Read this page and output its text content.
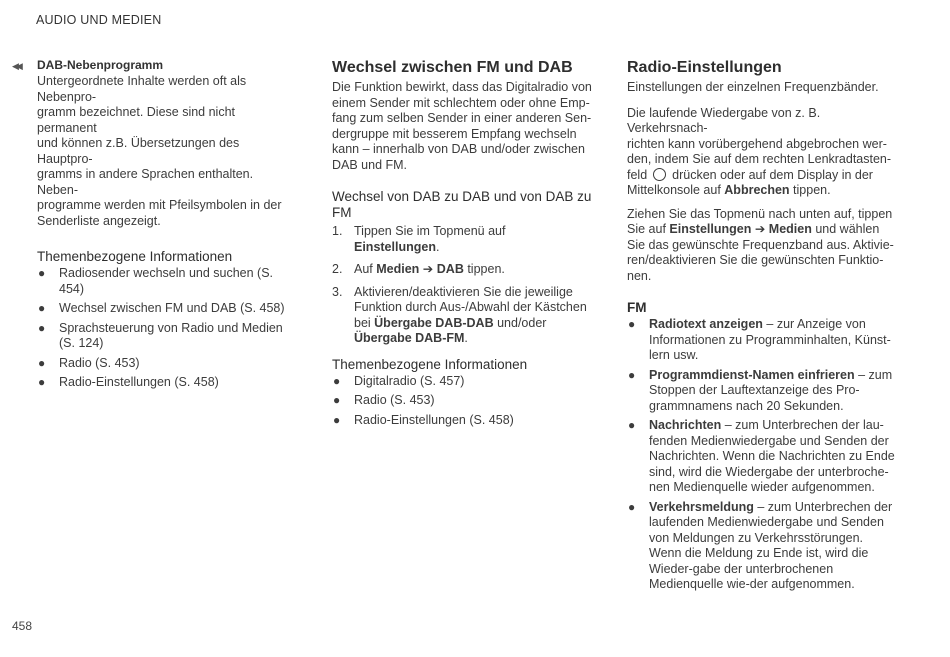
AUDIO UND MEDIEN
◀◀ DAB-Nebenprogramm

Untergeordnete Inhalte werden oft als Nebenpro-
gramm bezeichnet. Diese sind nicht permanent
und können z.B. Übersetzungen des Hauptpro-
gramms in andere Sprachen enthalten. Neben-
programme werden mit Pfeilsymbolen in der
Senderliste angezeigt.

Themenbezogene Informationen
● Radiosender wechseln und suchen (S. 454)
● Wechsel zwischen FM und DAB (S. 458)
● Sprachsteuerung von Radio und Medien (S. 124)
● Radio (S. 453)
● Radio-Einstellungen (S. 458)
Wechsel zwischen FM und DAB

Die Funktion bewirkt, dass das Digitalradio von
einem Sender mit schlechtem oder ohne Emp-
fang zum selben Sender in einer anderen Sen-
dergruppe mit besserem Empfang wechseln
kann – innerhalb von DAB und/oder zwischen
DAB und FM.

Wechsel von DAB zu DAB und von DAB zu FM
1. Tippen Sie im Topmenü auf Einstellungen.
2. Auf Medien ➔ DAB tippen.
3. Aktivieren/deaktivieren Sie die jeweilige Funktion durch Aus-/Abwahl der Kästchen bei Übergabe DAB-DAB und/oder Übergabe DAB-FM.
Themenbezogene Informationen
● Digitalradio (S. 457)
● Radio (S. 453)
● Radio-Einstellungen (S. 458)
Radio-Einstellungen

Einstellungen der einzelnen Frequenzbänder.

Die laufende Wiedergabe von z. B. Verkehrsnach-
richten kann vorübergehend abgebrochen wer-
den, indem Sie auf dem rechten Lenkradtasten-
feld drücken oder auf dem Display in der
Mittelkonsole auf Abbrechen tippen.

Ziehen Sie das Topmenü nach unten auf, tippen
Sie auf Einstellungen ➔ Medien und wählen Sie das gewünschte Frequenzband aus. Aktivie-ren/deaktivieren Sie die gewünschten Funktio-nen.

FM
● Radiotext anzeigen – zur Anzeige von Informationen zu Programminhalten, Künst-lern usw.
● Programmdienst-Namen einfrieren – zum Stoppen der Lauftextanzeige des Pro-grammnamens nach 20 Sekunden.
● Nachrichten – zum Unterbrechen der lau-fenden Medienwiedergabe und Senden der Nachrichten. Wenn die Nachrichten zu Ende sind, wird die Wiedergabe der unterbroche-nen Medienquelle wieder aufgenommen.
● Verkehrsmeldung – zum Unterbrechen der laufenden Medienwiedergabe und Senden von Meldungen zu Verkehrsstörungen. Wenn die Meldung zu Ende ist, wird die Wieder-gabe der unterbrochenen Medienquelle wie-der aufgenommen.
458
